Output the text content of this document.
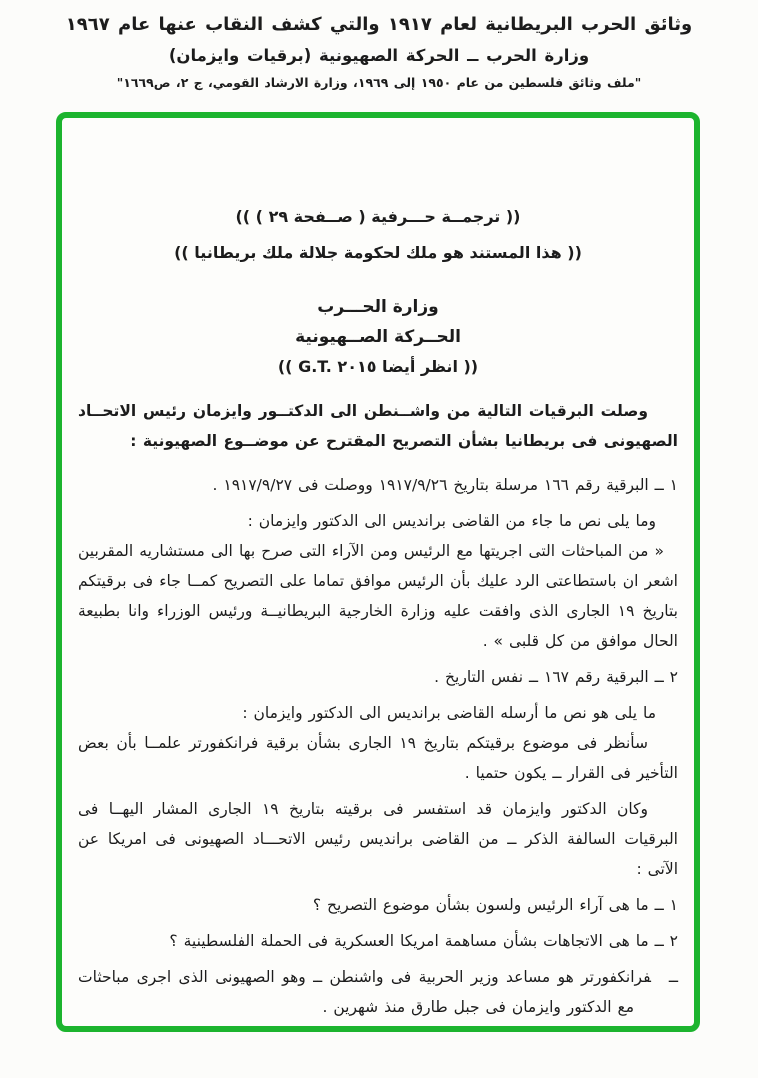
وثائق الحرب البريطانية لعام ١٩١٧ والتي كشف النقاب عنها عام ١٩٦٧
وزارة الحرب ــ الحركة الصهيونية (برقيات وايزمان)
"ملف وثائق فلسطين من عام ١٩٥٠ إلى ١٩٦٩، وزارة الارشاد القومي، ج ٢، ص١٦٦٩"

(( ترجمــة حـــرفية ( صــفحة ٢٩ ) ))

(( هذا المستند هو ملك لحكومة جلالة ملك بريطانيا ))

وزارة الحـــرب

الحــركة الصــهيونية

(( انظر أيضا ٢٠١٥ G.T. ))

وصلت البرقيات التالية من واشــنطن الى الدكتــور وايزمان رئيس الاتحــاد الصهيونى فى بريطانيا بشأن التصريح المقترح عن موضــوع الصهيونية :

١ ــ البرقية رقم ١٦٦ مرسلة بتاريخ ١٩١٧/٩/٢٦ ووصلت فى ١٩١٧/٩/٢٧ .

وما يلى نص ما جاء من القاضى برانديس الى الدكتور وايزمان :

« من المباحثات التى اجريتها مع الرئيس ومن الآراء التى صرح بها الى مستشاريه المقربين اشعر ان باستطاعتى الرد عليك بأن الرئيس موافق تماما على التصريح كمــا جاء فى برقيتكم بتاريخ ١٩ الجارى الذى وافقت عليه وزارة الخارجية البريطانيــة ورئيس الوزراء وانا بطبيعة الحال موافق من كل قلبى » .

٢ ــ البرقية رقم ١٦٧ ــ نفس التاريخ .

ما يلى هو نص ما أرسله القاضى برانديس الى الدكتور وايزمان :

سأنظر فى موضوع برقيتكم بتاريخ ١٩ الجارى بشأن برقية فرانكفورتر علمــا بأن بعض التأخير فى القرار ــ يكون حتميا .

وكان الدكتور وايزمان قد استفسر فى برقيته بتاريخ ١٩ الجارى المشار اليهــا فى البرقيات السالفة الذكر ــ من القاضى برانديس رئيس الاتحـــاد الصهيونى فى امريكا عن الآتى :

١ ــ ما هى آراء الرئيس ولسون بشأن موضوع التصريح ؟

٢ ــ ما هى الاتجاهات بشأن مساهمة امريكا العسكرية فى الحملة الفلسطينية ؟

ــفرانكفورتر هو مساعد وزير الحربية فى واشنطن ــ وهو الصهيونى الذى اجرى مباحثات مع الدكتور وايزمان فى جبل طارق منذ شهرين .
